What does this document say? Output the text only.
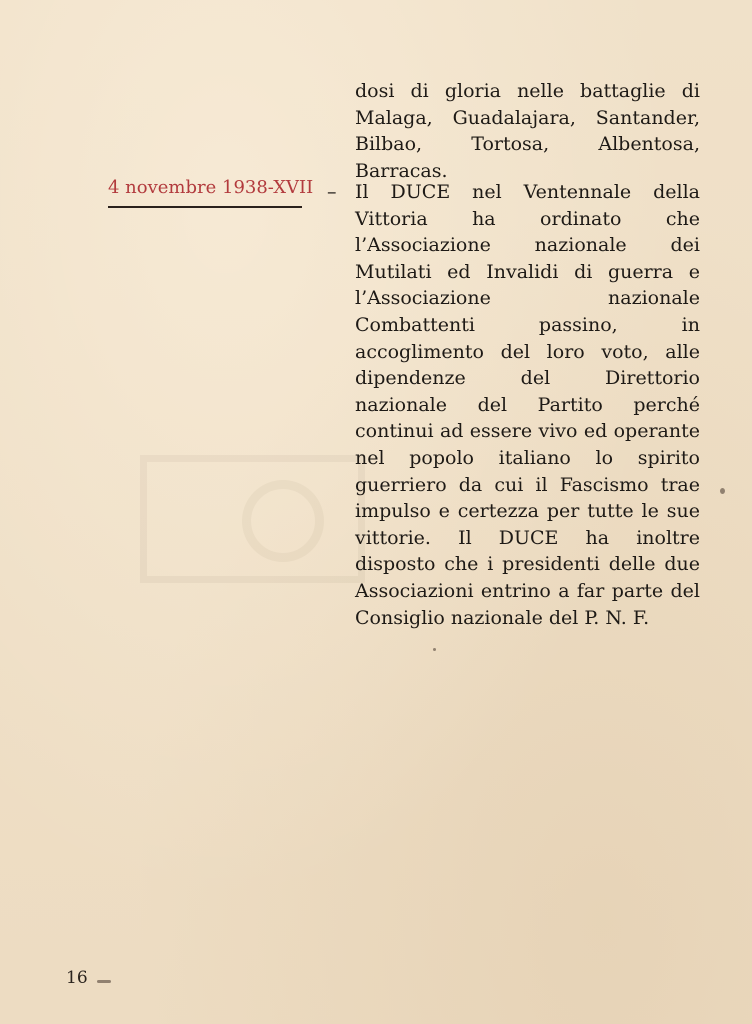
dosi di gloria nelle battaglie di Malaga, Guadalajara, Santander, Bilbao, Tortosa, Albentosa, Barracas.

4 novembre 1938-XVII – Il DUCE nel Ventennale della Vittoria ha ordinato che l’Associazione nazionale dei Mutilati ed Invalidi di guerra e l’Associazione nazionale Combattenti passino, in accoglimento del loro voto, alle dipendenze del Direttorio nazionale del Partito perché continui ad essere vivo ed operante nel popolo italiano lo spirito guerriero da cui il Fascismo trae impulso e certezza per tutte le sue vittorie. Il DUCE ha inoltre disposto che i presidenti delle due Associazioni entrino a far parte del Consiglio nazionale del P. N. F.

16
